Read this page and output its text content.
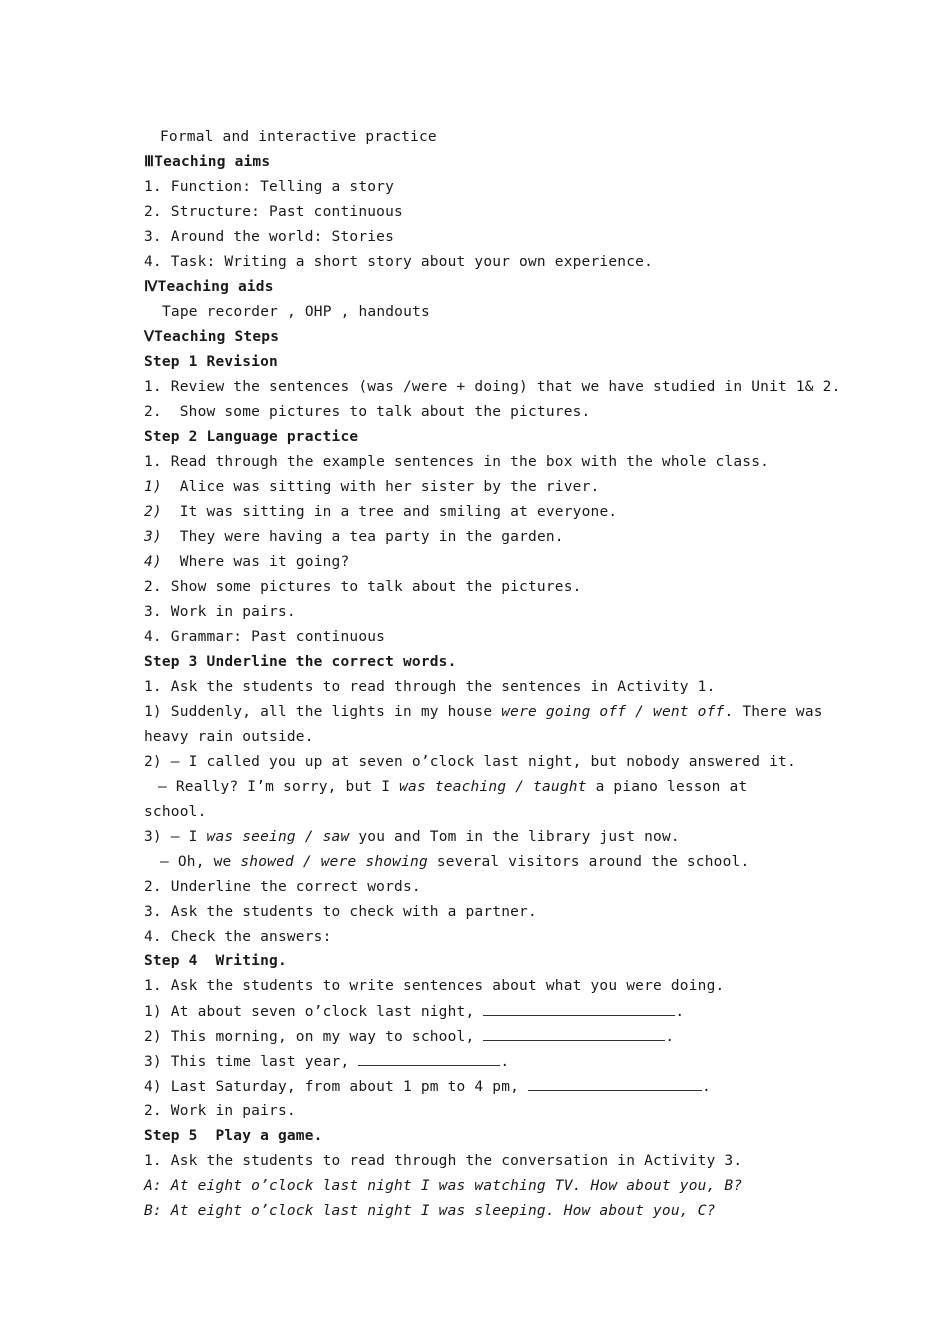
Formal and interactive practice
ⅢTeaching aims
1. Function: Telling a story
2. Structure: Past continuous
3. Around the world: Stories
4. Task: Writing a short story about your own experience.
ⅣTeaching aids
Tape recorder , OHP , handouts
ⅤTeaching Steps
Step 1 Revision
1. Review the sentences (was /were + doing) that we have studied in Unit 1& 2.
2.  Show some pictures to talk about the pictures.
Step 2 Language practice
1. Read through the example sentences in the box with the whole class.
1) Alice was sitting with her sister by the river.
2) It was sitting in a tree and smiling at everyone.
3) They were having a tea party in the garden.
4) Where was it going?
2. Show some pictures to talk about the pictures.
3. Work in pairs.
4. Grammar: Past continuous
Step 3 Underline the correct words.
1. Ask the students to read through the sentences in Activity 1.
1) Suddenly, all the lights in my house were going off / went off. There was
heavy rain outside.
2) — I called you up at seven o’clock last night, but nobody answered it.
— Really? I’m sorry, but I was teaching / taught a piano lesson at
school.
3) — I was seeing / saw you and Tom in the library just now.
— Oh, we showed / were showing several visitors around the school.
2. Underline the correct words.
3. Ask the students to check with a partner.
4. Check the answers:
Step 4  Writing.
1. Ask the students to write sentences about what you were doing.
1) At about seven o’clock last night,	.
2) This morning, on my way to school,	.
3) This time last year,	.
4) Last Saturday, from about 1 pm to 4 pm,	.
2. Work in pairs.
Step 5  Play a game.
1. Ask the students to read through the conversation in Activity 3.
A: At eight o’clock last night I was watching TV. How about you, B?
B: At eight o’clock last night I was sleeping. How about you, C?
